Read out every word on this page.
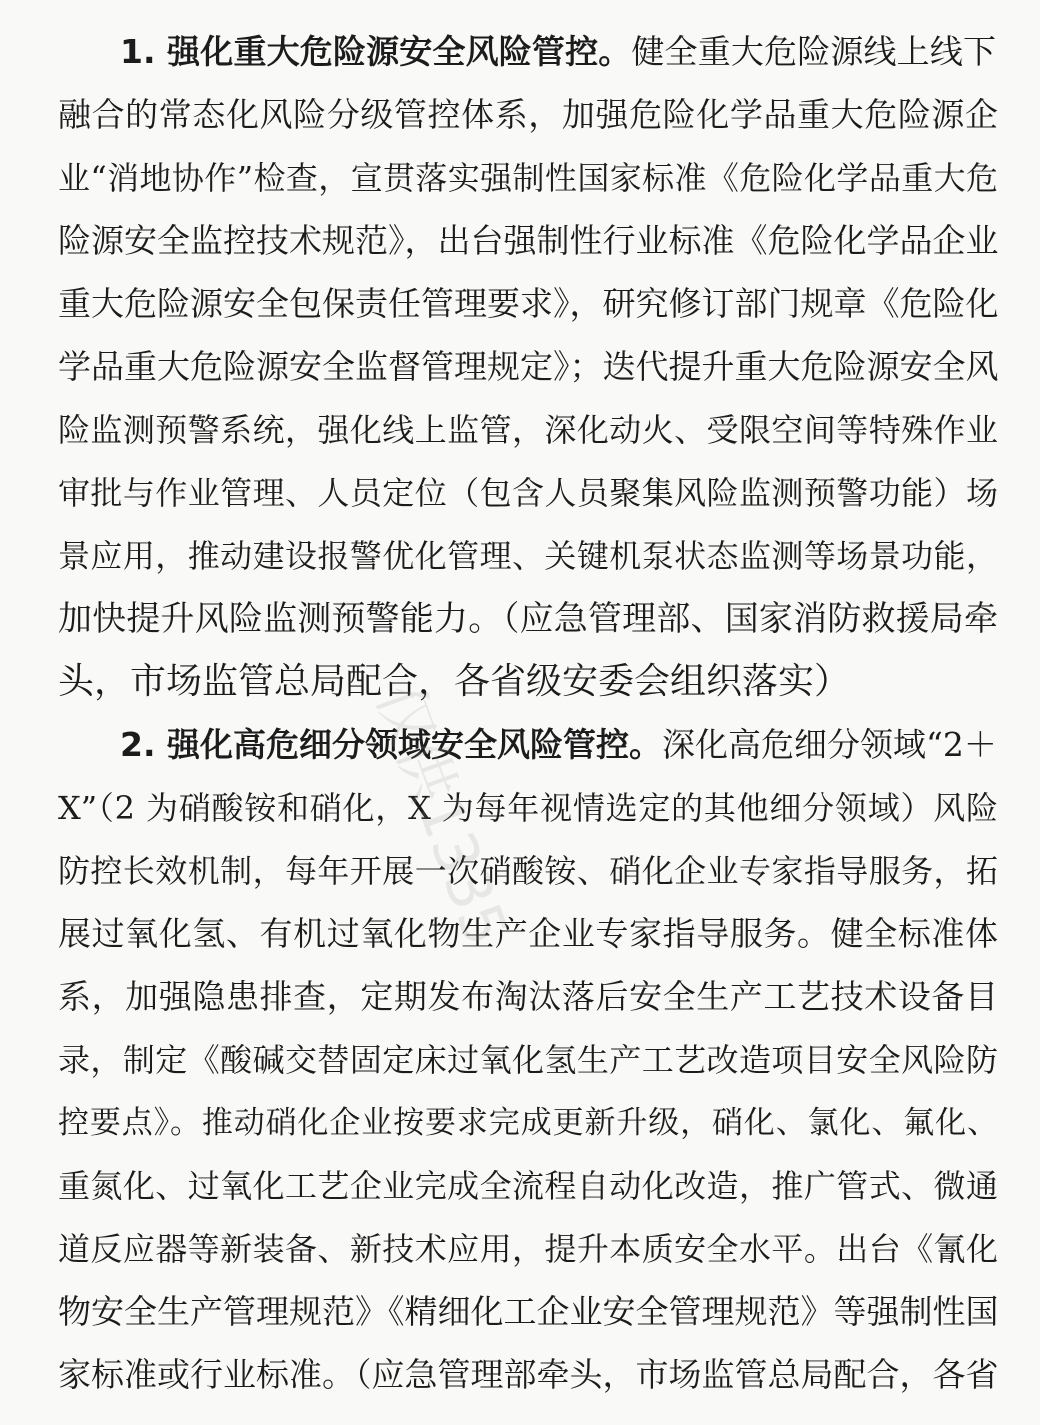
1. 强化重大危险源安全风险管控。健全重大危险源线上线下
融合的常态化风险分级管控体系，加强危险化学品重大危险源企
业“消地协作”检查，宣贯落实强制性国家标准《危险化学品重大危
险源安全监控技术规范》，出台强制性行业标准《危险化学品企业
重大危险源安全包保责任管理要求》，研究修订部门规章《危险化
学品重大危险源安全监督管理规定》；迭代提升重大危险源安全风
险监测预警系统，强化线上监管，深化动火、受限空间等特殊作业
审批与作业管理、人员定位（包含人员聚集风险监测预警功能）场
景应用，推动建设报警优化管理、关键机泵状态监测等场景功能，
加快提升风险监测预警能力。（应急管理部、国家消防救援局牵
头，市场监管总局配合，各省级安委会组织落实）
2. 强化高危细分领域安全风险管控。深化高危细分领域“2＋
X”（2 为硝酸铵和硝化，X 为每年视情选定的其他细分领域）风险
防控长效机制，每年开展一次硝酸铵、硝化企业专家指导服务，拓
展过氧化氢、有机过氧化物生产企业专家指导服务。健全标准体
系，加强隐患排查，定期发布淘汰落后安全生产工艺技术设备目
录，制定《酸碱交替固定床过氧化氢生产工艺改造项目安全风险防
控要点》。推动硝化企业按要求完成更新升级，硝化、氯化、氟化、
重氮化、过氧化工艺企业完成全流程自动化改造，推广管式、微通
道反应器等新装备、新技术应用，提升本质安全水平。出台《氰化
物安全生产管理规范》《精细化工企业安全管理规范》等强制性国
家标准或行业标准。（应急管理部牵头，市场监管总局配合，各省
仅供1335
